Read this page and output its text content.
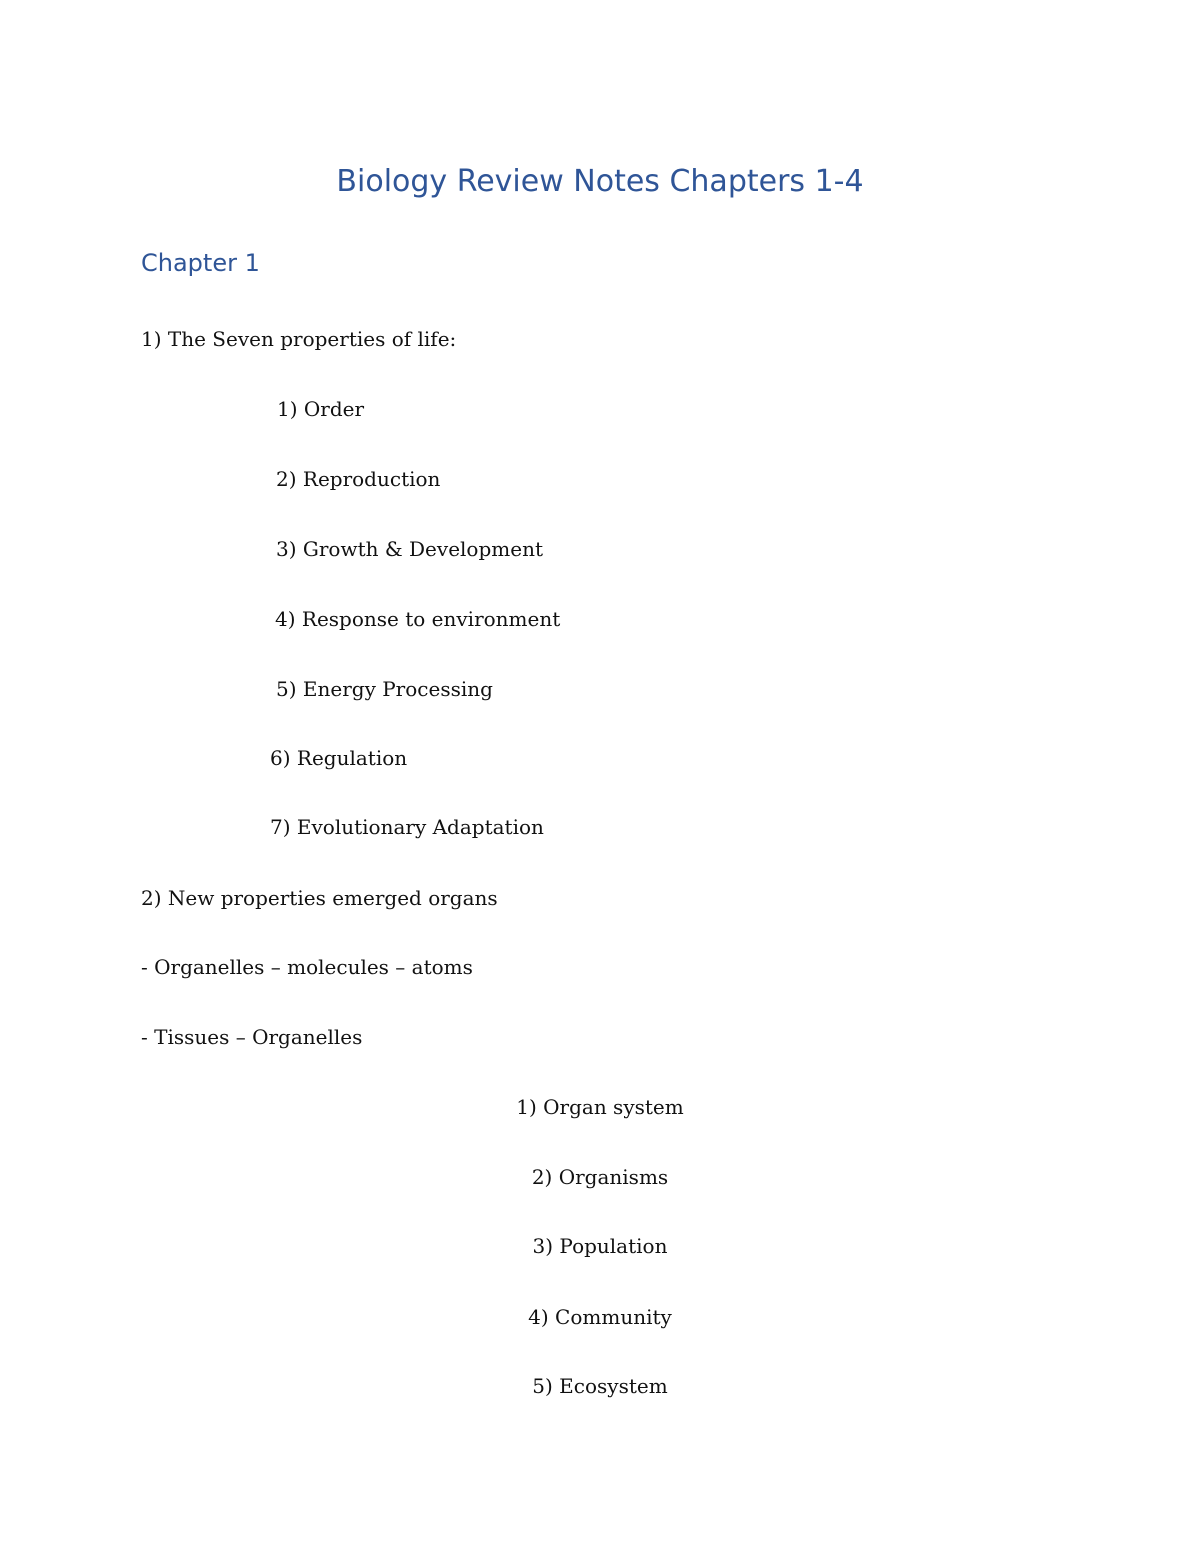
Biology Review Notes Chapters 1-4
Chapter 1
1) The Seven properties of life:
1) Order
2) Reproduction
3) Growth & Development
4) Response to environment
5) Energy Processing
6) Regulation
7) Evolutionary Adaptation
2) New properties emerged organs
- Organelles – molecules – atoms
- Tissues – Organelles
1) Organ system
2) Organisms
3) Population
4) Community
5) Ecosystem
